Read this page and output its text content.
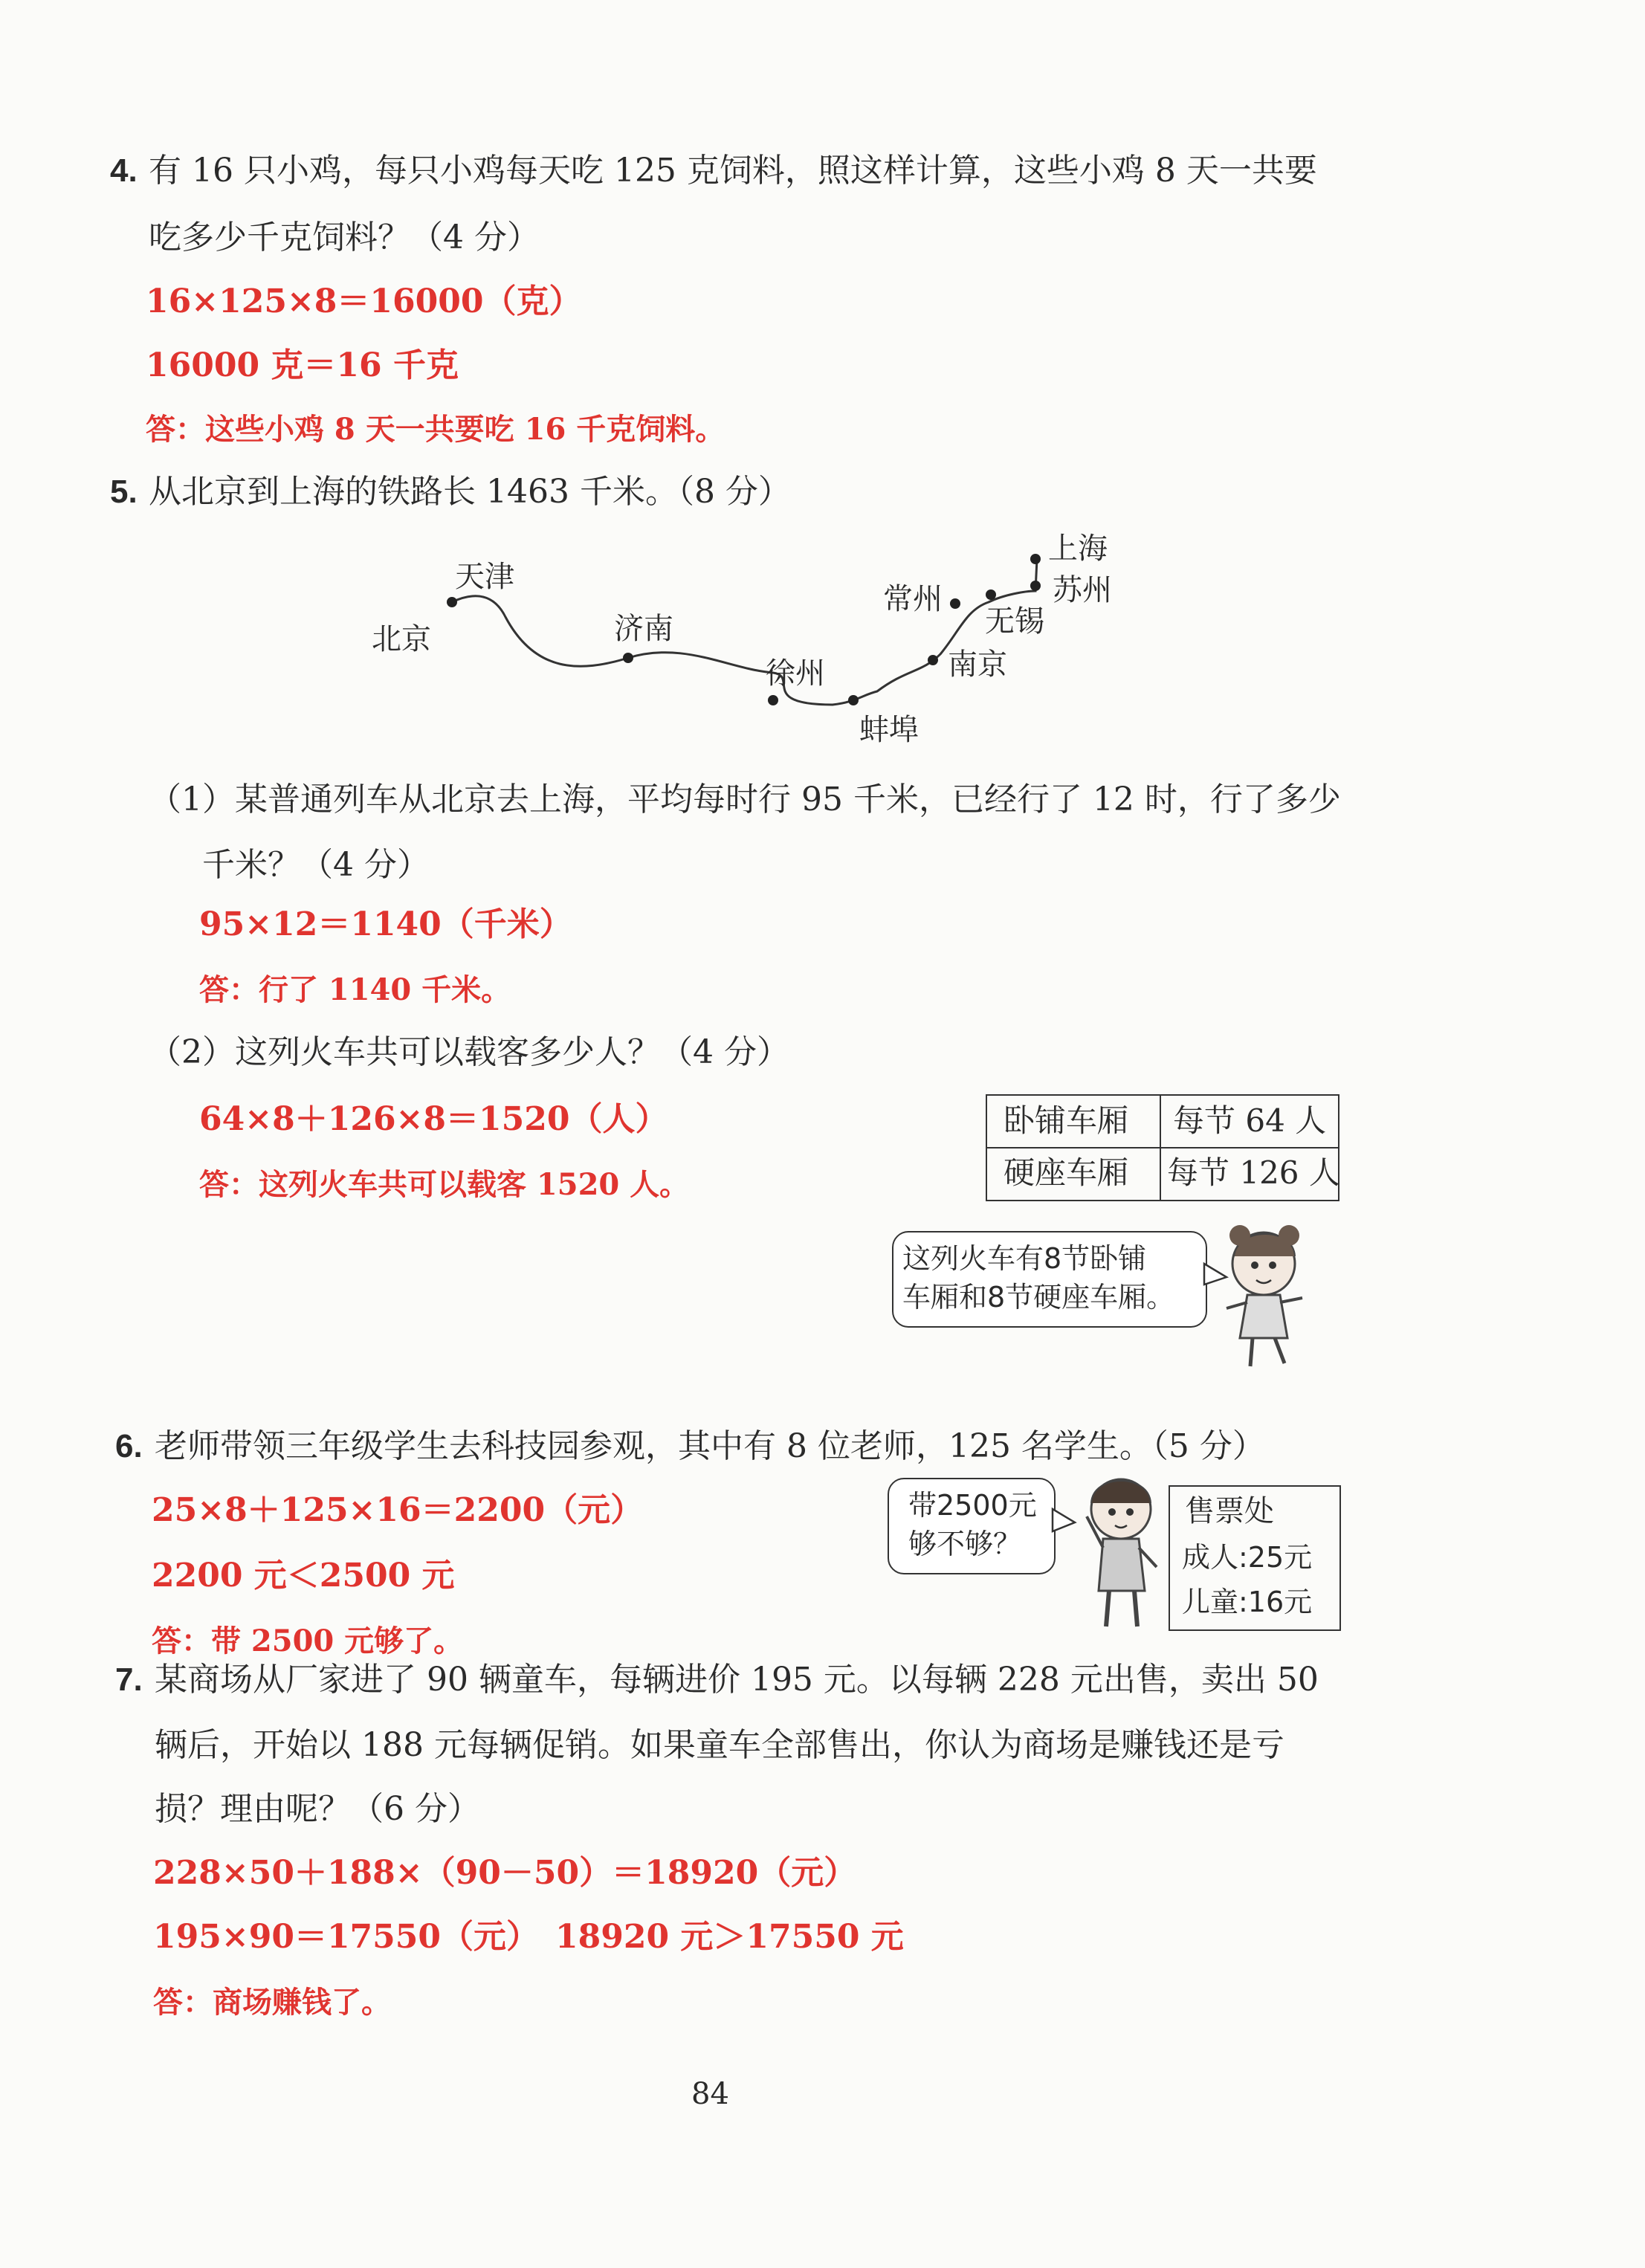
4. 有 16 只小鸡，每只小鸡每天吃 125 克饲料，照这样计算，这些小鸡 8 天一共要
吃多少千克饲料？（4 分）
16×125×8＝16000（克）
16000 克＝16 千克
答：这些小鸡 8 天一共要吃 16 千克饲料。
5. 从北京到上海的铁路长 1463 千米。（8 分）
北京
天津
济南
徐州
蚌埠
南京
常州
无锡
苏州
上海
（1）某普通列车从北京去上海，平均每时行 95 千米，已经行了 12 时，行了多少
千米？（4 分）
95×12＝1140（千米）
答：行了 1140 千米。
（2）这列火车共可以载客多少人？（4 分）
64×8＋126×8＝1520（人）
答：这列火车共可以载客 1520 人。
卧铺车厢 每节 64 人
硬座车厢 每节 126 人
这列火车有8节卧铺
车厢和8节硬座车厢。
6. 老师带领三年级学生去科技园参观，其中有 8 位老师，125 名学生。（5 分）
25×8＋125×16＝2200（元）
2200 元＜2500 元
答：带 2500 元够了。
带2500元
够不够？
售票处
成人:25元
儿童:16元
7. 某商场从厂家进了 90 辆童车，每辆进价 195 元。以每辆 228 元出售，卖出 50
辆后，开始以 188 元每辆促销。如果童车全部售出，你认为商场是赚钱还是亏
损？理由呢？（6 分）
228×50＋188×（90－50）＝18920（元）
195×90＝17550（元）　18920 元＞17550 元
答：商场赚钱了。
84
